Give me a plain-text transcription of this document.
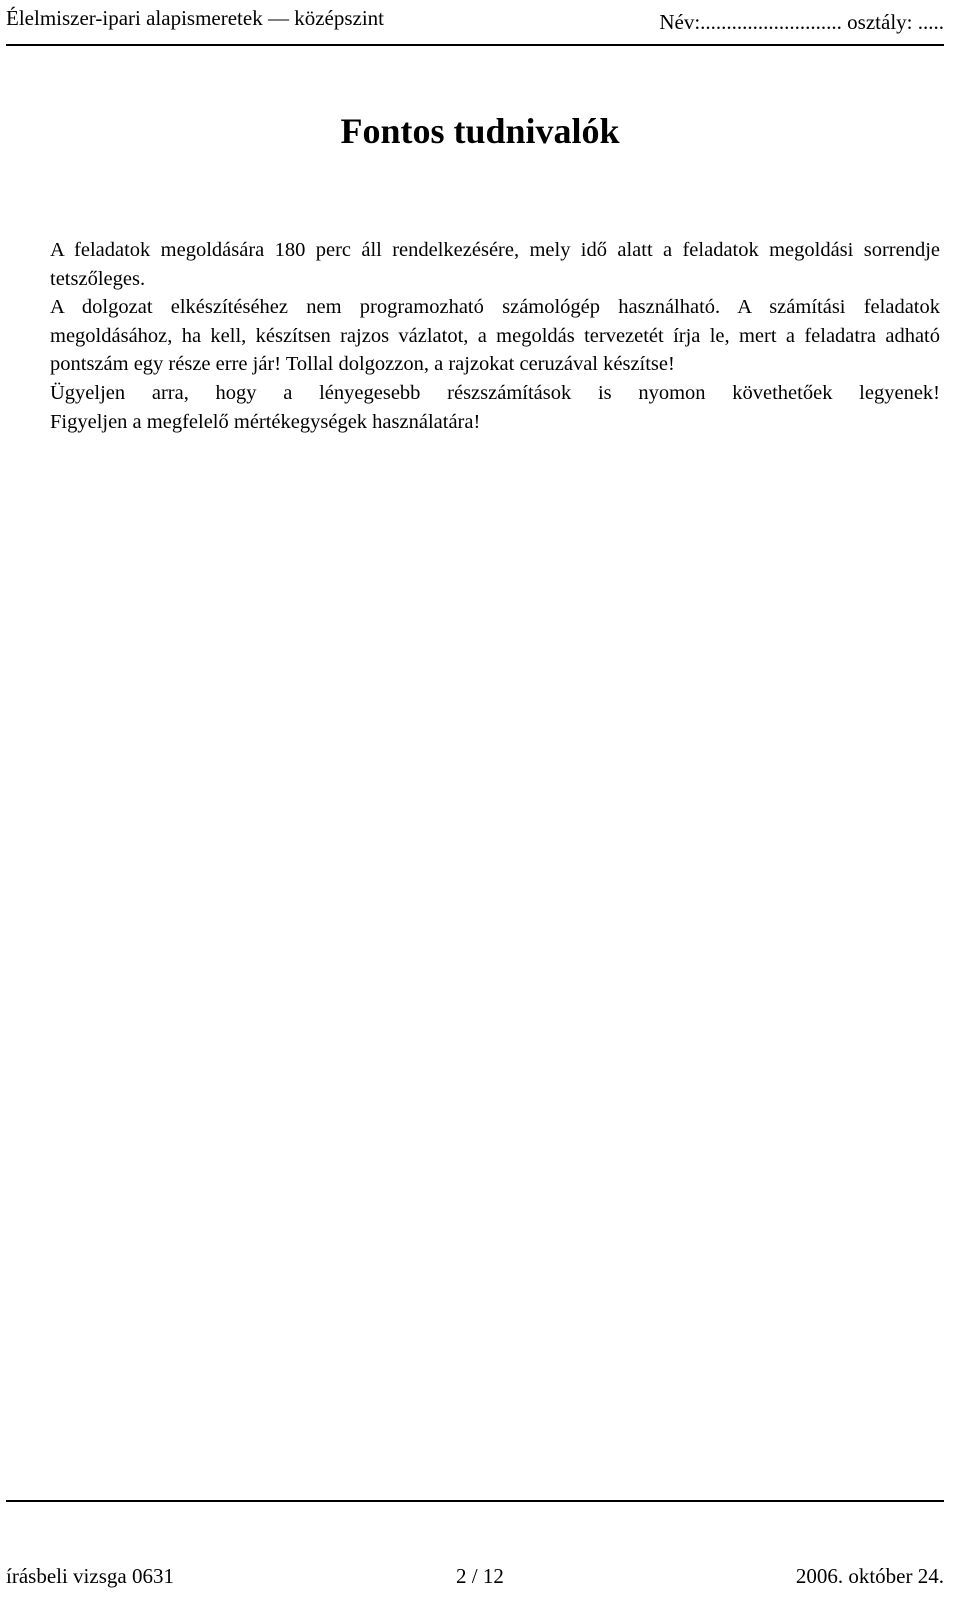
Élelmiszer-ipari alapismeretek — középszint	Név:........................... osztály: .....
Fontos tudnivalók

A feladatok megoldására 180 perc áll rendelkezésére, mely idő alatt a feladatok megoldási sorrendje tetszőleges.

A dolgozat elkészítéséhez nem programozható számológép használható. A számítási feladatok megoldásához, ha kell, készítsen rajzos vázlatot, a megoldás tervezetét írja le, mert a feladatra adható pontszám egy része erre jár! Tollal dolgozzon, a rajzokat ceruzával készítse!

Ügyeljen arra, hogy a lényegesebb részszámítások is nyomon követhetőek legyenek!

Figyeljen a megfelelő mértékegységek használatára!

írásbeli vizsga 0631	2 / 12	2006. október 24.
